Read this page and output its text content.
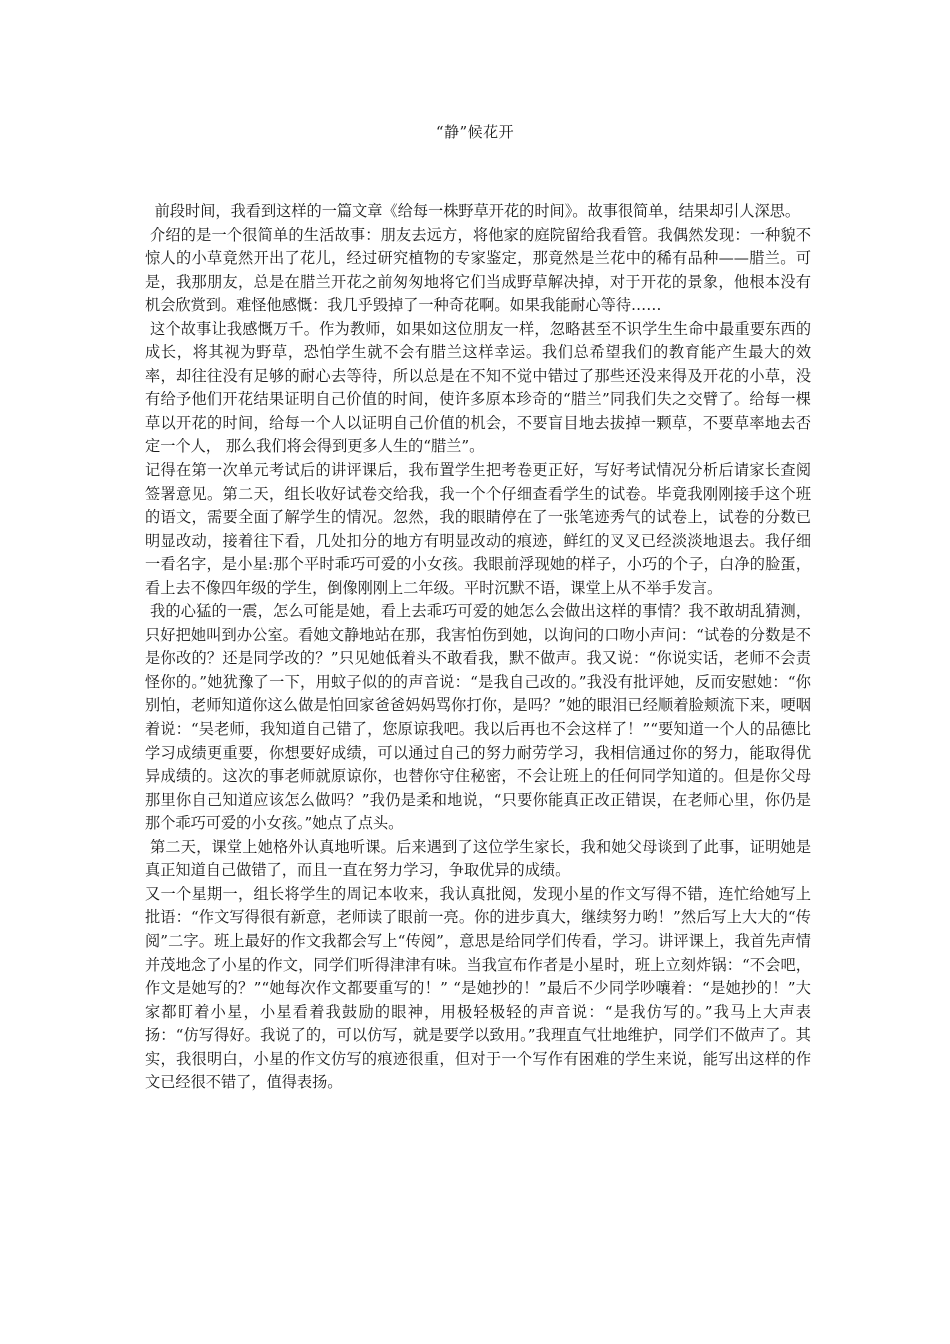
“静”候花开

前段时间，我看到这样的一篇文章《给每一株野草开花的时间》。故事很简单，结果却引人深思。

介绍的是一个很简单的生活故事：朋友去远方，将他家的庭院留给我看管。我偶然发现：一种貌不惊人的小草竟然开出了花儿，经过研究植物的专家鉴定，那竟然是兰花中的稀有品种——腊兰。可是，我那朋友，总是在腊兰开花之前匆匆地将它们当成野草解决掉，对于开花的景象，他根本没有机会欣赏到。难怪他感慨：我几乎毁掉了一种奇花啊。如果我能耐心等待……

这个故事让我感慨万千。作为教师，如果如这位朋友一样，忽略甚至不识学生生命中最重要东西的成长，将其视为野草，恐怕学生就不会有腊兰这样幸运。我们总希望我们的教育能产生最大的效率，却往往没有足够的耐心去等待，所以总是在不知不觉中错过了那些还没来得及开花的小草，没有给予他们开花结果证明自己价值的时间，使许多原本珍奇的“腊兰”同我们失之交臂了。给每一棵草以开花的时间，给每一个人以证明自己价值的机会，不要盲目地去拔掉一颗草，不要草率地去否定一个人， 那么我们将会得到更多人生的“腊兰”。

记得在第一次单元考试后的讲评课后，我布置学生把考卷更正好，写好考试情况分析后请家长查阅签署意见。第二天，组长收好试卷交给我，我一个个仔细查看学生的试卷。毕竟我刚刚接手这个班的语文，需要全面了解学生的情况。忽然，我的眼睛停在了一张笔迹秀气的试卷上，试卷的分数已明显改动，接着往下看，几处扣分的地方有明显改动的痕迹，鲜红的叉叉已经淡淡地退去。我仔细一看名字，是小星:那个平时乖巧可爱的小女孩。我眼前浮现她的样子，小巧的个子，白净的脸蛋，看上去不像四年级的学生，倒像刚刚上二年级。平时沉默不语，课堂上从不举手发言。

我的心猛的一震，怎么可能是她，看上去乖巧可爱的她怎么会做出这样的事情？我不敢胡乱猜测，只好把她叫到办公室。看她文静地站在那，我害怕伤到她，以询问的口吻小声问：“试卷的分数是不是你改的？还是同学改的？”只见她低着头不敢看我，默不做声。我又说：“你说实话，老师不会责怪你的。”她犹豫了一下，用蚊子似的的声音说：“是我自己改的。”我没有批评她，反而安慰她：“你别怕，老师知道你这么做是怕回家爸爸妈妈骂你打你，是吗？”她的眼泪已经顺着脸颊流下来，哽咽着说：“吴老师，我知道自己错了，您原谅我吧。我以后再也不会这样了！”“要知道一个人的品德比学习成绩更重要，你想要好成绩，可以通过自己的努力耐劳学习，我相信通过你的努力，能取得优异成绩的。这次的事老师就原谅你，也替你守住秘密，不会让班上的任何同学知道的。但是你父母那里你自己知道应该怎么做吗？”我仍是柔和地说，“只要你能真正改正错误，在老师心里，你仍是那个乖巧可爱的小女孩。”她点了点头。

第二天，课堂上她格外认真地听课。后来遇到了这位学生家长，我和她父母谈到了此事，证明她是真正知道自己做错了，而且一直在努力学习，争取优异的成绩。

又一个星期一，组长将学生的周记本收来，我认真批阅，发现小星的作文写得不错，连忙给她写上批语：“作文写得很有新意，老师读了眼前一亮。你的进步真大，继续努力哟！”然后写上大大的“传阅”二字。班上最好的作文我都会写上“传阅”，意思是给同学们传看，学习。讲评课上，我首先声情并茂地念了小星的作文，同学们听得津津有味。当我宣布作者是小星时，班上立刻炸锅：“不会吧，作文是她写的？”“她每次作文都要重写的！” “是她抄的！”最后不少同学吵嚷着：“是她抄的！”大家都盯着小星，小星看着我鼓励的眼神，用极轻极轻的声音说：“是我仿写的。”我马上大声表扬：“仿写得好。我说了的，可以仿写，就是要学以致用。”我理直气壮地维护，同学们不做声了。其实，我很明白，小星的作文仿写的痕迹很重，但对于一个写作有困难的学生来说，能写出这样的作文已经很不错了，值得表扬。
